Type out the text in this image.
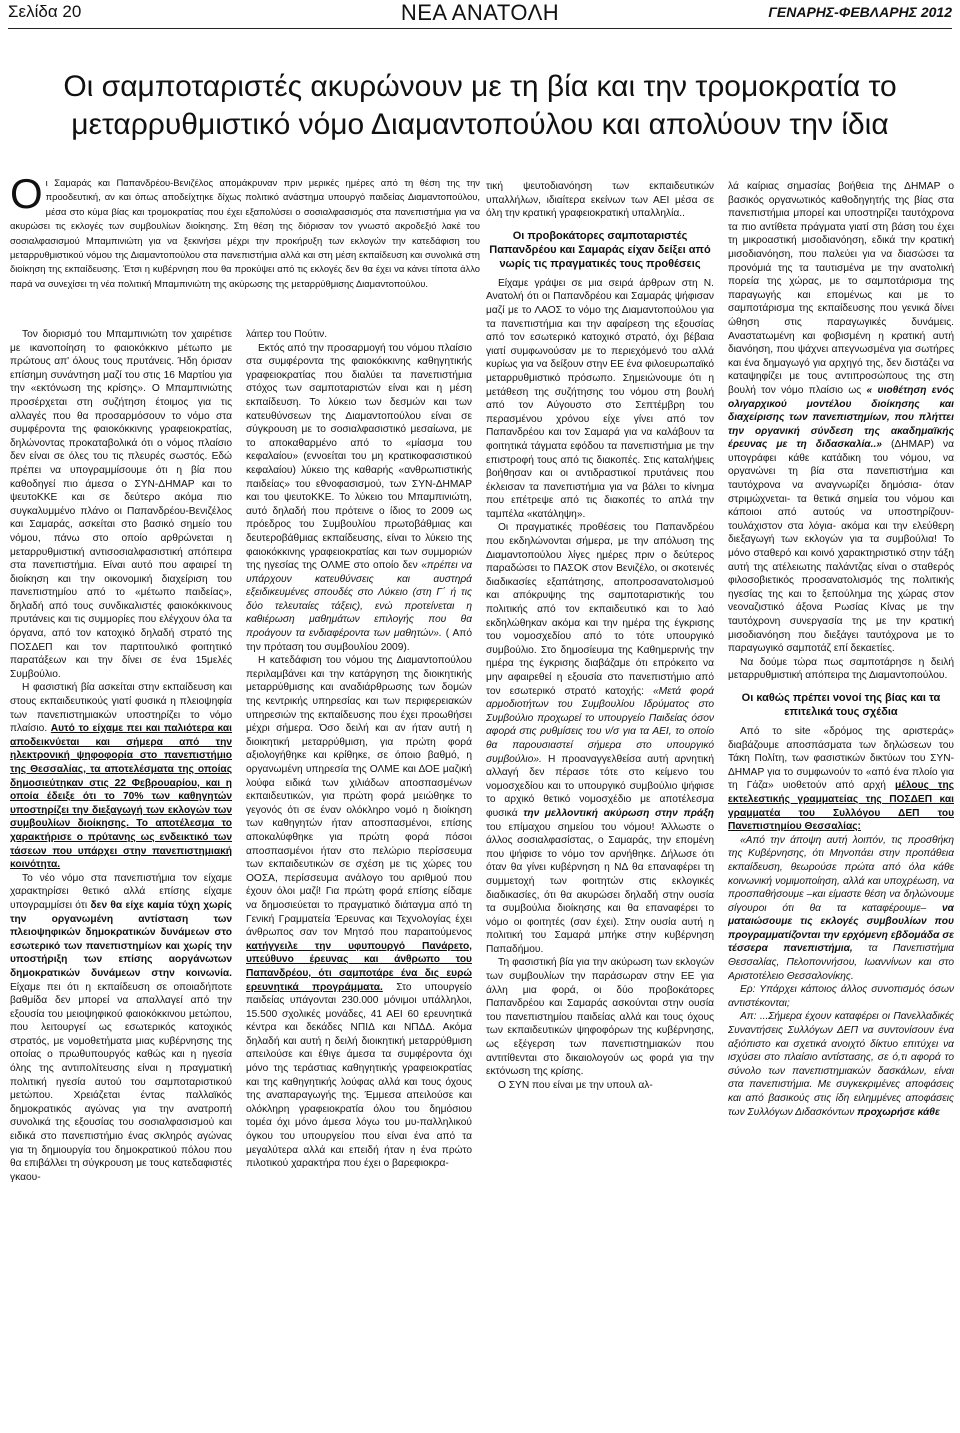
Σελίδα 20	ΝΕΑ ΑΝΑΤΟΛΗ	ΓΕΝΑΡΗΣ-ΦΕΒΛΑΡΗΣ 2012
Οι σαμποταριστές ακυρώνουν με τη βία και την τρομοκρατία το
μεταρρυθμιστικό νόμο Διαμαντοπούλου και απολύουν την ίδια
Οι Σαμαράς και Παπανδρέου-Βενιζέλος απομάκρυναν πριν μερικές ημέρες από τη θέση της την προοδευτική, αν και όπως αποδείχτηκε δίχως πολιτικό ανάστημα υπουργό παιδείας Διαμαντοπούλου, μέσα στο κύμα βίας και τρομοκρατίας που έχει εξαπολύσει ο σοσιαλφασισμός στα πανεπιστήμια για να ακυρώσει τις εκλογές των συμβουλίων διοίκησης. Στη θέση της διόρισαν τον γνωστό ακροδεξιό λακέ του σοσιαλφασισμού Μπαμπινιώτη για να ξεκινήσει μέχρι την προκήρυξη των εκλογών την κατεδάφιση του μεταρρυθμιστικού νόμου της Διαμαντοπούλου στα πανεπιστήμια αλλά και στη μέση εκπαίδευση και συνολικά στη διοίκηση της εκπαίδευσης. Έτσι η κυβέρνηση που θα προκύψει από τις εκλογές δεν θα έχει να κάνει τίποτα άλλο παρά να συνεχίσει τη νέα πολιτική Μπαμπινιώτη της ακύρωσης της μεταρρύθμισης Διαμαντοπούλου.

Τον διορισμό του Μπαμπινιώτη τον χαιρέτισε με ικανοποίηση το φαιοκόκκινο μέτωπο με πρώτους απ' όλους τους πρυτάνεις. Ήδη όρισαν επίσημη συνάντηση μαζί του στις 16 Μαρτίου για την «εκτόνωση της κρίσης». Ο Μπαμπινιώτης προσέρχεται στη συζήτηση έτοιμος για τις αλλαγές που θα προσαρμόσουν το νόμο στα συμφέροντα της φαιοκόκκινης γραφειοκρατίας, δηλώνοντας προκαταβολικά ότι ο νόμος πλαίσιο δεν είναι σε όλες του τις πλευρές σωστός. Εδώ πρέπει να υπογραμμίσουμε ότι η βία που καθοδηγεί πιο άμεσα ο ΣΥΝ-ΔΗΜΑΡ και το ψευτοΚΚΕ και σε δεύτερο ακόμα πιο συγκαλυμμένο πλάνο οι Παπανδρέου-Βενιζέλος και Σαμαράς, ασκείται στο βασικό σημείο του νόμου, πάνω στο οποίο αρθρώνεται η μεταρρυθμιστική αντισοσιαλφασιστική απόπειρα στα πανεπιστήμια. Είναι αυτό που αφαιρεί τη διοίκηση και την οικονομική διαχείριση του πανεπιστημίου από το «μέτωπο παιδείας», δηλαδή από τους συνδικαλιστές φαιοκόκκινους πρυτάνεις και τις συμμορίες που ελέγχουν όλα τα όργανα, από τον κατοχικό δηλαδή στρατό της ΠΟΣΔΕΠ και τον παρτιτουλικό φοιτητικό παρατάξεων και την δίνει σε ένα 15μελές Συμβούλιο.

Η φασιστική βία ασκείται στην εκπαίδευση και στους εκπαιδευτικούς γιατί φυσικά η πλειοψηφία των πανεπιστημιακών υποστηρίζει το νόμο πλαίσιο. Αυτό το είχαμε πει και παλιότερα και αποδεικνύεται και σήμερα από την ηλεκτρονική ψηφοφορία στο πανεπιστήμιο της Θεσσαλίας, τα αποτελέσματα της οποίας δημοσιεύτηκαν στις 22 Φεβρουαρίου, και η οποία έδειξε ότι το 70% των καθηγητών υποστηρίζει την διεξαγωγή των εκλογών των συμβουλίων διοίκησης. Το αποτέλεσμα το χαρακτήρισε ο πρύτανης ως ενδεικτικό των τάσεων που υπάρχει στην πανεπιστημιακή κοινότητα.

Το νέο νόμο στα πανεπιστήμια τον είχαμε χαρακτηρίσει θετικό αλλά επίσης είχαμε υπογραμμίσει ότι δεν θα είχε καμία τύχη χωρίς την οργανωμένη αντίσταση των πλειοψηφικών δημοκρατικών δυνάμεων στο εσωτερικό των πανεπιστημίων και χωρίς την υποστήριξη των επίσης αοργάνωτων δημοκρατικών δυνάμεων στην κοινωνία. Είχαμε πει ότι η εκπαίδευση σε οποιαδήποτε βαθμίδα δεν μπορεί να απαλλαγεί από την εξουσία του μειοψηφικού φαιοκόκκινου μετώπου, που λειτουργεί ως εσωτερικός κατοχικός στρατός, με νομοθετήματα μιας κυβέρνησης της οποίας ο πρωθυπουργός καθώς και η ηγεσία όλης της αντιπολίτευσης είναι η πραγματική πολιτική ηγεσία αυτού του σαμποταριστικού μετώπου. Χρειάζεται έντας παλλαϊκός δημοκρατικός αγώνας για την ανατροπή συνολικά της εξουσίας του σοσιαλφασισμού και ειδικά στο πανεπιστήμιο ένας σκληρός αγώνας για τη δημιουργία του δημοκρατικού πόλου που θα επιβάλλει τη σύγκρουση με τους κατεδαφιστές γκαου-

λάιτερ του Πούτιν.

Εκτός από την προσαρμογή του νόμου πλαίσιο στα συμφέροντα της φαιοκόκκινης καθηγητικής γραφειοκρατίας που διαλύει τα πανεπιστήμια στόχος των σαμποταριστών είναι και η μέση εκπαίδευση. Το λύκειο των δεσμών και των κατευθύνσεων της Διαμαντοπούλου είναι σε σύγκρουση με το σοσιαλφασιστικό μεσαίωνα, με το αποκαθαρμένο από το «μίασμα του κεφαλαίου» (εννοείται του μη κρατικοφασιστικού κεφαλαίου) λύκειο της καθαρής «ανθρωπιστικής παιδείας» του εθνοφασισμού, των ΣΥΝ-ΔΗΜΑΡ και του ψευτοΚΚΕ. Το λύκειο του Μπαμπινιώτη, αυτό δηλαδή που πρότεινε ο ίδιος το 2009 ως πρόεδρος του Συμβουλίου πρωτοβάθμιας και δευτεροβάθμιας εκπαίδευσης, είναι το λύκειο της φαιοκόκκινης γραφειοκρατίας και των συμμοριών της ηγεσίας της ΟΛΜΕ στο οποίο δεν «πρέπει να υπάρχουν κατευθύνσεις και αυστηρά εξειδικευμένες σπουδές στο Λύκειο (στη Γ΄ ή τις δύο τελευταίες τάξεις), ενώ προτείνεται η καθιέρωση μαθημάτων επιλογής που θα προάγουν τα ενδιαφέροντα των μαθητών». ( Από την πρόταση του συμβουλίου 2009).

Η κατεδάφιση του νόμου της Διαμαντοπούλου περιλαμβάνει και την κατάργηση της διοικητικής μεταρρύθμισης και αναδιάρθρωσης των δομών της κεντρικής υπηρεσίας και των περιφερειακών υπηρεσιών της εκπαίδευσης που έχει προωθήσει μέχρι σήμερα. Όσο δειλή και αν ήταν αυτή η διοικητική μεταρρύθμιση, για πρώτη φορά αξιολογήθηκε και κρίθηκε, σε όποιο βαθμό, η οργανωμένη υπηρεσία της ΟΛΜΕ και ΔΟΕ μαζική λούφα ειδικά των χιλιάδων αποσπασμένων εκπαιδευτικών, για πρώτη φορά μειώθηκε το γεγονός ότι σε έναν ολόκληρο νομό η διοίκηση των καθηγητών ήταν αποσπασμένοι, επίσης αποκαλύφθηκε για πρώτη φορά πόσοι αποσπασμένοι ήταν στο πελώριο περίσσευμα των εκπαιδευτικών σε σχέση με τις χώρες του ΟΟΣΑ, περίσσευμα ανάλογο του αριθμού που έχουν όλοι μαζί! Για πρώτη φορά επίσης είδαμε να δημοσιεύεται το πραγματικό διάταγμα από τη Γενική Γραμματεία Έρευνας και Τεχνολογίας έχει άνθρωπος σαν τον Μητσό που παραιτούμενος κατήγγειλε την υφυπουργό Πανάρετο, υπεύθυνο έρευνας και άνθρωπο του Παπανδρέου, ότι σαμποτάρε ένα δις ευρώ ερευνητικά προγράμματα. Στο υπουργείο παιδείας υπάγονται 230.000 μόνιμοι υπάλληλοι, 15.500 σχολικές μονάδες, 41 ΑΕΙ 60 ερευνητικά κέντρα και δεκάδες ΝΠΙΔ και ΝΠΔΔ. Ακόμα δηλαδή και αυτή η δειλή διοικητική μεταρρύθμιση απειλούσε και έθιγε άμεσα τα συμφέροντα όχι μόνο της τεράστιας καθηγητικής γραφειοκρατίας και της καθηγητικής λούφας αλλά και τους όχους της αναπαραγωγής της. Έμμεσα απειλούσε και ολόκληρη γραφειοκρατία όλου του δημόσιου τομέα όχι μόνο άμεσα λόγω του μυ-παλληλικού όγκου του υπουργείου που είναι ένα από τα μεγαλύτερα αλλά και επειδή ήταν η ένα πρώτο πιλοτικού χαρακτήρα που έχει ο βαρεφιοκρα-

τική ψευτοδιανόηση των εκπαιδευτικών υπαλλήλων, ιδιαίτερα εκείνων των ΑΕΙ μέσα σε όλη την κρατική γραφειοκρατική υπαλληλία..

Οι προβοκάτορες σαμποταριστές Παπανδρέου και Σαμαράς είχαν δείξει από νωρίς τις πραγματικές τους προθέσεις

Είχαμε γράψει σε μια σειρά άρθρων στη Ν. Ανατολή ότι οι Παπανδρέου και Σαμαράς ψήφισαν μαζί με το ΛΑΟΣ το νόμο της Διαμαντοπούλου για τα πανεπιστήμια και την αφαίρεση της εξουσίας από τον εσωτερικό κατοχικό στρατό, όχι βέβαια γιατί συμφωνούσαν με το περιεχόμενό του αλλά κυρίως για να δείξουν στην ΕΕ ένα φιλοευρωπαϊκό μεταρρυθμιστικό πρόσωπο. Σημειώνουμε ότι η μετάθεση της συζήτησης του νόμου στη βουλή από τον Αύγουστο στο Σεπτέμβρη του περασμένου χρόνου είχε γίνει από τον Παπανδρέου και τον Σαμαρά για να καλάβουν τα φοιτητικά τάγματα εφόδου τα πανεπιστήμια με την επιστροφή τους από τις διακοπές. Στις καταλήψεις βοήθησαν και οι αντιδραστικοί πρυτάνεις που έκλεισαν τα πανεπιστήμια για να βάλει το κίνημα που επέτρεψε από τις διακοπές το απλά την ταμπέλα «κατάληψη».

Οι πραγματικές προθέσεις του Παπανδρέου που εκδηλώνονται σήμερα, με την απόλυση της Διαμαντοπούλου λίγες ημέρες πριν ο δεύτερος παραδώσει το ΠΑΣΟΚ στον Βενιζέλο, οι σκοτεινές διαδικασίες εξαπάτησης, αποπροσανατολισμού και απόκρυψης της σαμποταριστικής του πολιτικής από τον εκπαιδευτικό και το λαό εκδηλώθηκαν ακόμα και την ημέρα της έγκρισης του νομοσχεδίου από το τότε υπουργικό συμβούλιο. Στο δημοσίευμα της Καθημερινής την ημέρα της έγκρισης διαβάζαμε ότι επρόκειτο να μην αφαιρεθεί η εξουσία στο πανεπιστήμιο από τον εσωτερικό στρατό κατοχής: «Μετά φορά αρμοδιοτήτων του Συμβουλίου Ιδρύματος στο Συμβούλιο προχωρεί το υπουργείο Παιδείας όσον αφορά στις ρυθμίσεις του ν/σ για τα ΑΕΙ, το οποίο θα παρουσιαστεί σήμερα στο υπουργικό συμβούλιο». Η προαναγγελθείσα αυτή αρνητική αλλαγή δεν πέρασε τότε στο κείμενο του νομοσχεδίου και το υπουργικό συμβούλιο ψήφισε το αρχικό θετικό νομοσχέδιο με αποτέλεσμα φυσικά την μελλοντική ακύρωση στην πράξη του επίμαχου σημείου του νόμου! Άλλωστε ο άλλος σοσιαλφασίστας, ο Σαμαράς, την επομένη που ψήφισε το νόμο τον αρνήθηκε. Δήλωσε ότι όταν θα γίνει κυβέρνηση η ΝΔ θα επαναφέρει τη συμμετοχή των φοιτητών στις εκλογικές διαδικασίες, ότι θα ακυρώσει δηλαδή στην ουσία τα συμβούλια διοίκησης και θα επαναφέρει το νόμο οι φοιτητές (σαν έχει). Στην ουσία αυτή η πολιτική του Σαμαρά μπήκε στην κυβέρνηση Παπαδήμου.

Τη φασιστική βία για την ακύρωση των εκλογών των συμβουλίων την παράσωραν στην ΕΕ για άλλη μια φορά, οι δύο προβοκάτορες Παπανδρέου και Σαμαράς ασκούνται στην ουσία του πανεπιστημίου παιδείας αλλά και τους όχους των εκπαιδευτικών ψηφοφόρων της κυβέρνησης, ως εξέγερση των πανεπιστημιακών που αντιτίθενται στο δικαιολογούν ως φορά για την εκτόνωση της κρίσης.

Ο ΣΥΝ που είναι με την υπουλ αλ-

λά καίριας σημασίας βοήθεια της ΔΗΜΑΡ ο βασικός οργανωτικός καθοδηγητής της βίας στα πανεπιστήμια μπορεί και υποστηρίζει ταυτόχρονα τα πιο αντίθετα πράγματα γιατί στη βάση του έχει τη μικροαστική μισοδιανόηση, εδικά την κρατική μισοδιανόηση, που παλεύει για να διασώσει τα προνόμιά της τα ταυτισμένα με την ανατολική πορεία της χώρας, με το σαμποτάρισμα της παραγωγής και επομένως και με το σαμποτάρισμα της εκπαίδευσης που γενικά δίνει ώθηση στις παραγωγικές δυνάμεις. Αναστατωμένη και φοβισμένη η κρατική αυτή διανόηση, που ψάχνει απεγνωσμένα για σωτήρες και ένα δημαγωγό για αρχηγό της, δεν διστάζει να καταψηφίζει με τους αντιπροσώπους της στη βουλή τον νόμο πλαίσιο ως « υιοθέτηση ενός ολιγαρχικού μοντέλου διοίκησης και διαχείρισης των πανεπιστημίων, που πλήττει την οργανική σύνδεση της ακαδημαϊκής έρευνας με τη διδασκαλία..» (ΔΗΜΑΡ) να υπογράφει κάθε κατάδικη του νόμου, να οργανώνει τη βία στα πανεπιστήμια και ταυτόχρονα να αναγνωρίζει δημόσια- όταν στριμώχνεται- τα θετικά σημεία του νόμου και κάποιοι από αυτούς να υποστηρίζουν- τουλάχιστον στα λόγια- ακόμα και την ελεύθερη διεξαγωγή των εκλογών για τα συμβούλια! Το μόνο σταθερό και κοινό χαρακτηριστικό στην τάξη αυτή της ατέλειωτης παλάντζας είναι ο σταθερός φιλοσοβιετικός προσανατολισμός της πολιτικής ηγεσίας της και το ξεπούλημα της χώρας στον νεοναζιστικό άξονα Ρωσίας Κίνας με την ταυτόχρονη συνεργασία της με την κρατική μισοδιανόηση που διεξάγει ταυτόχρονα με το παραγωγικό σαμποτάζ επί δεκαετίες.

Να δούμε τώρα πως σαμποτάρησε η δειλή μεταρρυθμιστική απόπειρα της Διαμαντοπούλου.

Οι καθώς πρέπει νονοί της βίας και τα επιτελικά τους σχέδια

Από το site «δρόμος της αριστεράς» διαβάζουμε αποσπάσματα των δηλώσεων του Τάκη Πολίτη, των φασιστικών δικτύων του ΣΥΝ-ΔΗΜΑΡ για το συμφωνούν το «από ένα πλοίο για τη Γάζα» υιοθετούν από αρχή μέλους της εκτελεστικής γραμματείας της ΠΟΣΔΕΠ και γραμματέα του Συλλόγου ΔΕΠ του Πανεπιστημίου Θεσσαλίας:

«Από την άποψη αυτή λοιπόν, τις προσθήκη της Κυβέρνησης, ότι Μηνοπάει στην προπάθεια εκπαίδευση, θεωρούσε πρώτα από όλα κάθε κοινωνική νομιμοποίηση, αλλά και υποχρέωση, να προσπαθήσουμε –και είμαστε θέση να δηλώνουμε σίγουροι ότι θα τα καταφέρουμε– να ματαιώσουμε τις εκλογές συμβουλίων που προγραμματίζονται την ερχόμενη εβδομάδα σε τέσσερα πανεπιστήμια, τα Πανεπιστήμια Θεσσαλίας, Πελοποννήσου, Ιωαννίνων και στο Αριστοτέλειο Θεσσαλονίκης.

Ερ: Υπάρχει κάποιος άλλος συνοπισμός όσων αντιστέκονται;

Απ: ...Σήμερα έχουν καταφέρει οι Πανελλαδικές Συναντήσεις Συλλόγων ΔΕΠ να συντονίσουν ένα αξιόπιστο και σχετικά ανοιχτό δίκτυο επιτύχει να ισχύσει στο πλαίσιο αντίστασης, σε ό,τι αφορά το σύνολο των πανεπιστημιακών δασκάλων, είναι στα πανεπιστήμια. Με συγκεκριμένες αποφάσεις και από βασικούς στις ίδη ειλημμένες αποφάσεις των Συλλόγων Διδασκόντων προχωρήσε κάθε
